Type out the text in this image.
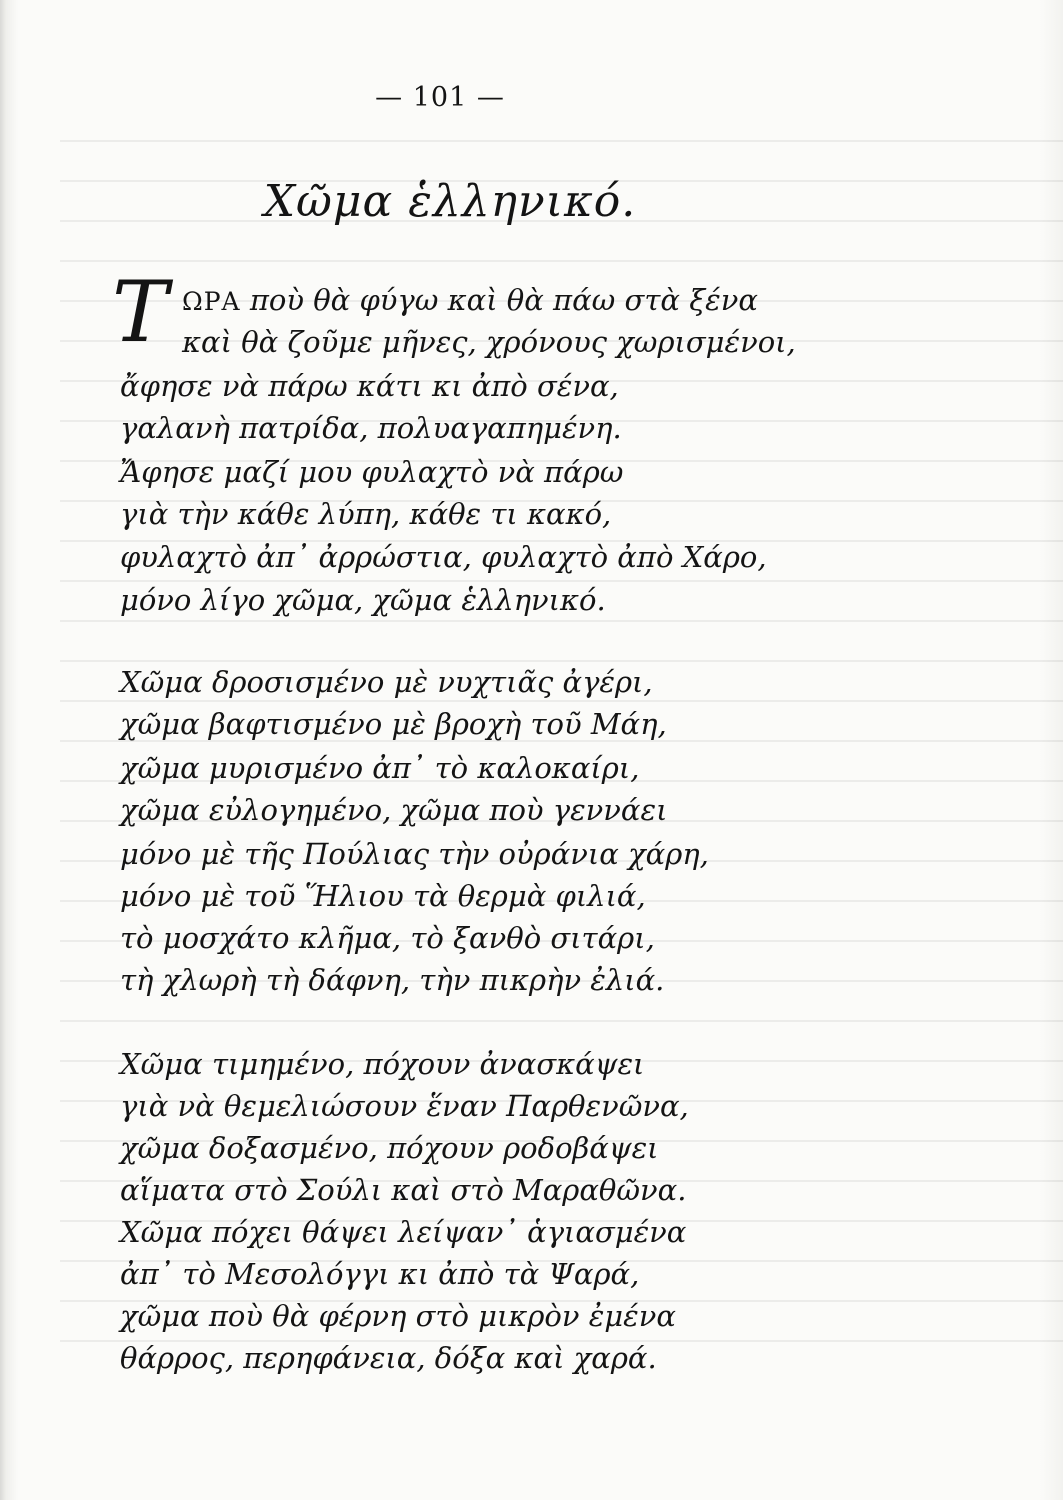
— 101 —
Χῶμα ἑλληνικό.
Τ ΩΡΑ ποὺ θὰ φύγω καὶ θὰ πάω στὰ ξένα
καὶ θὰ ζοῦμε μῆνες, χρόνους χωρισμένοι,
ἄφησε νὰ πάρω κάτι κι ἀπὸ σένα,
γαλανὴ πατρίδα, πολυαγαπημένη.
Ἄφησε μαζί μου φυλαχτὸ νὰ πάρω
γιὰ τὴν κάθε λύπη, κάθε τι κακό,
φυλαχτὸ ἀπ᾽ ἀρρώστια, φυλαχτὸ ἀπὸ Χάρο,
μόνο λίγο χῶμα, χῶμα ἑλληνικό.
Χῶμα δροσισμένο μὲ νυχτιᾶς ἀγέρι,
χῶμα βαφτισμένο μὲ βροχὴ τοῦ Μάη,
χῶμα μυρισμένο ἀπ᾽ τὸ καλοκαίρι,
χῶμα εὐλογημένο, χῶμα ποὺ γεννάει
μόνο μὲ τῆς Πούλιας τὴν οὐράνια χάρη,
μόνο μὲ τοῦ Ἥλιου τὰ θερμὰ φιλιά,
τὸ μοσχάτο κλῆμα, τὸ ξανθὸ σιτάρι,
τὴ χλωρὴ τὴ δάφνη, τὴν πικρὴν ἐλιά.
Χῶμα τιμημένο, πόχουν ἀνασκάψει
γιὰ νὰ θεμελιώσουν ἕναν Παρθενῶνα,
χῶμα δοξασμένο, πόχουν ροδοβάψει
αἵματα στὸ Σούλι καὶ στὸ Μαραθῶνα.
Χῶμα πόχει θάψει λείψαν᾽ ἁγιασμένα
ἀπ᾽ τὸ Μεσολόγγι κι ἀπὸ τὰ Ψαρά,
χῶμα ποὺ θὰ φέρνη στὸ μικρὸν ἐμένα
θάρρος, περηφάνεια, δόξα καὶ χαρά.
